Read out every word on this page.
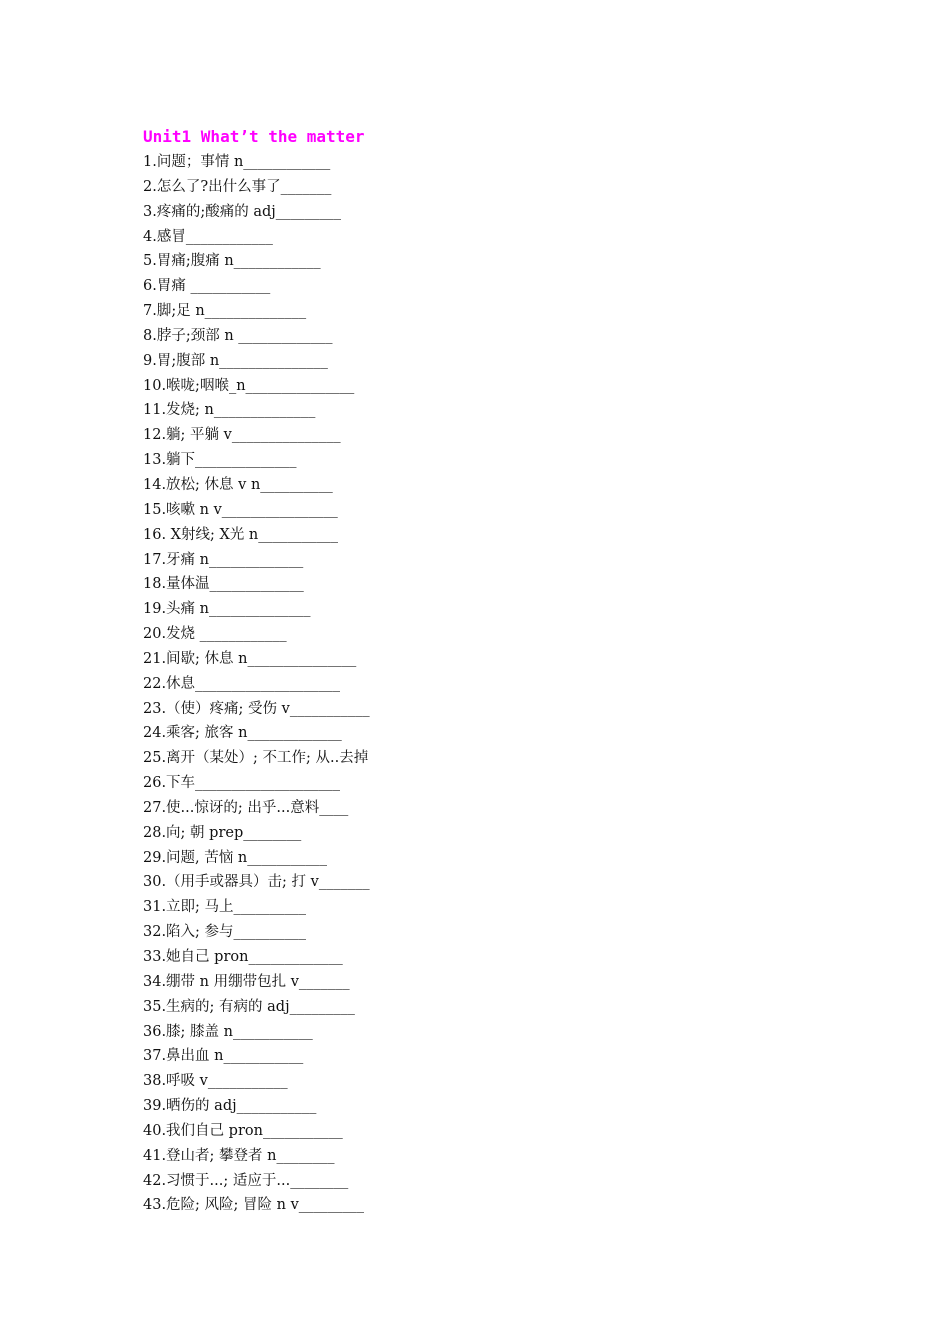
Unit1 What’t the matter
1.问题；事情 n____________
2.怎么了?出什么事了_______
3.疼痛的;酸痛的 adj_________
4.感冒____________
5.胃痛;腹痛 n____________
6.胃痛 ___________
7.脚;足 n______________
8.脖子;颈部 n _____________
9.胃;腹部 n_______________
10.喉咙;咽喉_n_______________
11.发烧; n______________
12.躺; 平躺 v_______________
13.躺下______________
14.放松; 休息 v n__________
15.咳嗽 n v________________
16. X射线; X光 n___________
17.牙痛 n_____________
18.量体温_____________
19.头痛 n______________
20.发烧 ____________
21.间歇; 休息 n_______________
22.休息____________________
23.（使）疼痛; 受伤 v___________
24.乘客; 旅客 n_____________
25.离开（某处）; 不工作; 从..去掉
26.下车____________________
27.使...惊讶的; 出乎...意料____
28.向; 朝 prep________
29.问题, 苦恼 n___________
30.（用手或器具）击; 打 v_______
31.立即; 马上__________
32.陷入; 参与__________
33.她自己 pron_____________
34.绷带 n 用绷带包扎 v_______
35.生病的; 有病的 adj_________
36.膝; 膝盖 n___________
37.鼻出血 n___________
38.呼吸 v___________
39.晒伤的 adj___________
40.我们自己 pron___________
41.登山者; 攀登者 n________
42.习惯于...; 适应于...________
43.危险; 风险; 冒险 n v_________
